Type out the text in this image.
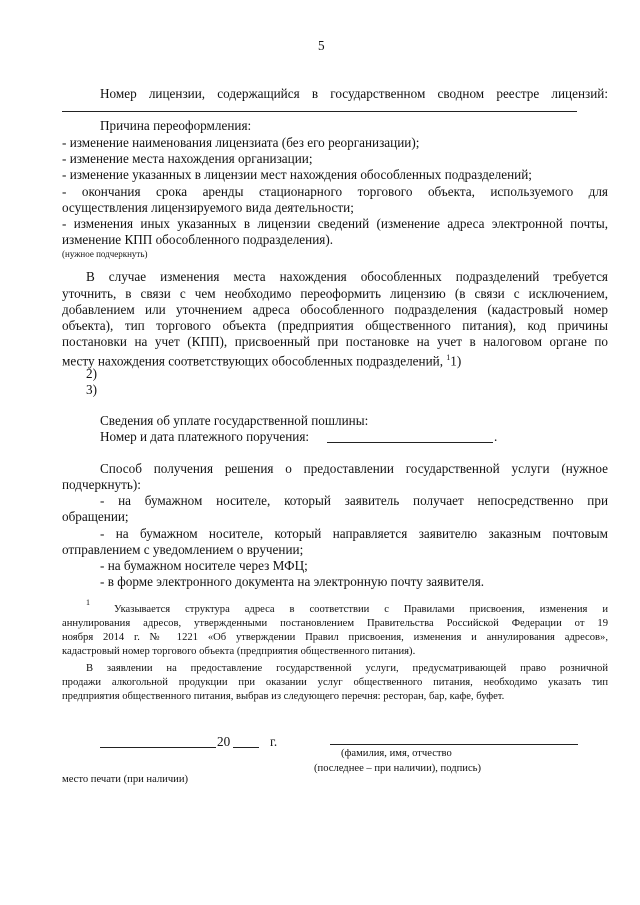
5
Номер лицензии, содержащийся в государственном сводном реестре лицензий:
Причина переоформления:
- изменение наименования лицензиата (без его реорганизации);
- изменение места нахождения организации;
- изменение указанных в лицензии мест нахождения обособленных подразделений;
- окончания срока аренды стационарного торгового объекта, используемого для
осуществления лицензируемого вида деятельности;
- изменения иных указанных в лицензии сведений (изменение адреса электронной почты,
изменение КПП обособленного подразделения).
(нужное подчеркнуть)
В случае изменения места нахождения обособленных подразделений требуется
уточнить, в связи с чем необходимо переоформить лицензию (в связи с исключением,
добавлением или уточнением адреса обособленного подразделения (кадастровый номер
объекта), тип торгового объекта (предприятия общественного питания), код причины
постановки на учет (КПП), присвоенный при постановке на учет в налоговом органе по
месту нахождения соответствующих обособленных подразделений, $^1$1)
2)
3)
Сведения об уплате государственной пошлины:
Номер и дата платежного поручения:	.
Способ получения решения о предоставлении государственной услуги (нужное
подчеркнуть):
- на бумажном носителе, который заявитель получает непосредственно при
обращении;
- на бумажном носителе, который направляется заявителю заказным почтовым
отправлением с уведомлением о вручении;
- на бумажном носителе через МФЦ;
- в форме электронного документа на электронную почту заявителя.
1
Указывается структура адреса в соответствии с Правилами присвоения, изменения и
аннулирования адресов, утвержденными постановлением Правительства Российской Федерации от 19
ноября 2014 г. № 1221 «Об утверждении Правил присвоения, изменения и аннулирования адресов»,
кадастровый номер торгового объекта (предприятия общественного питания).
В заявлении на предоставление государственной услуги, предусматривающей право розничной
продажи алкогольной продукции при оказании услуг общественного питания, необходимо указать тип
предприятия общественного питания, выбрав из следующего перечня: ресторан, бар, кафе, буфет.
20	г.
(фамилия, имя, отчество
(последнее – при наличии), подпись)
место печати (при наличии)
